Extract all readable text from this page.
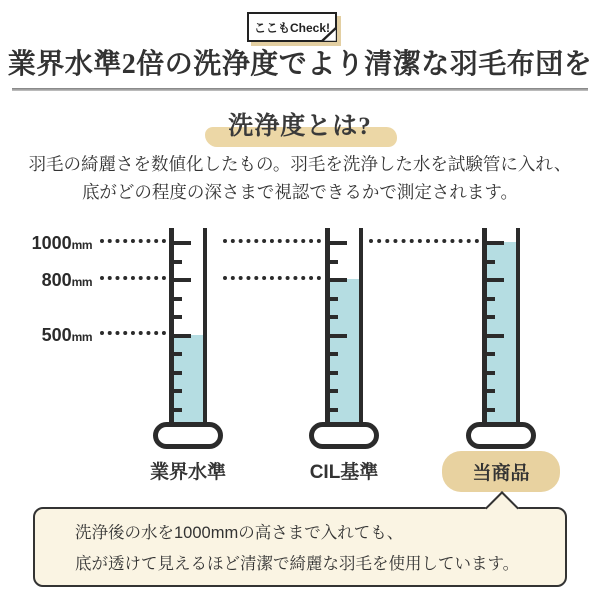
ここもCheck!
業界水準2倍の洗浄度でより清潔な羽毛布団を
洗浄度とは?

羽毛の綺麗さを数値化したもの。羽毛を洗浄した水を試験管に入れ、
底がどの程度の深さまで視認できるかで測定されます。

1000mm
800mm
500mm
業界水準	CIL基準	当商品

洗浄後の水を1000mmの高さまで入れても、
底が透けて見えるほど清潔で綺麗な羽毛を使用しています。
